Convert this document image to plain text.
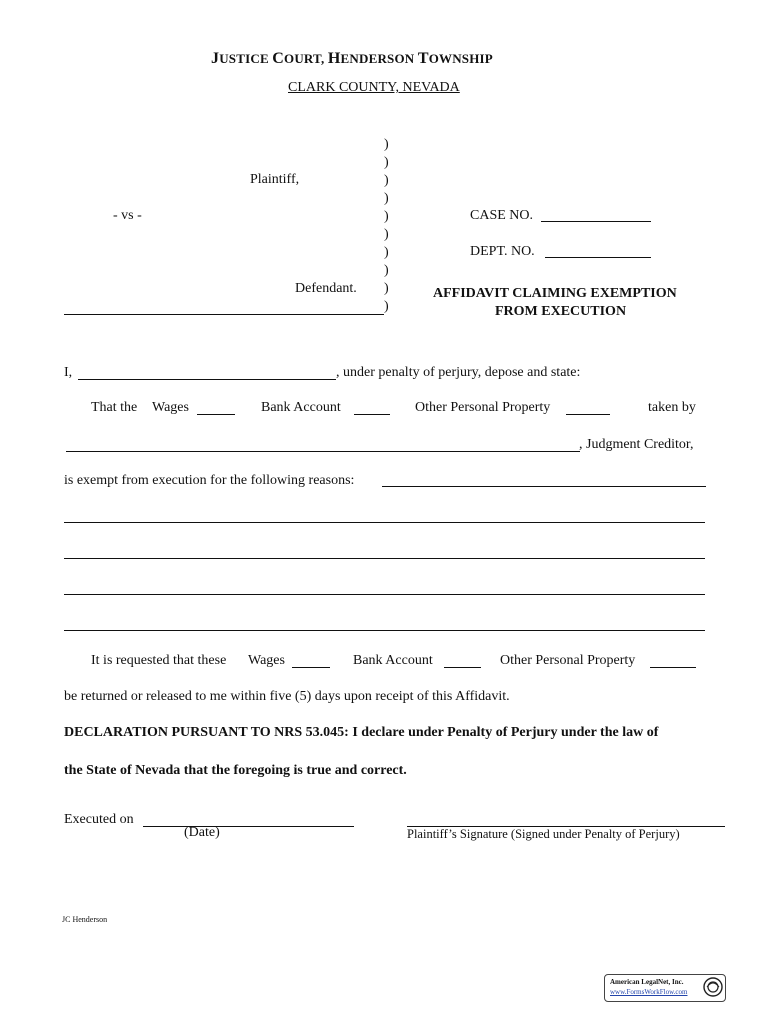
JUSTICE COURT, HENDERSON TOWNSHIP
CLARK COUNTY, NEVADA
)
)
)
)
)
)
)
)
)
)
Plaintiff,
- vs -
Defendant.
CASE NO.
DEPT. NO.
AFFIDAVIT CLAIMING EXEMPTION
FROM EXECUTION
I,	, under penalty of perjury, depose and state:
That the Wages	Bank Account	Other Personal Property	taken by
, Judgment Creditor,
is exempt from execution for the following reasons:
It is requested that these Wages	Bank Account	Other Personal Property
be returned or released to me within five (5) days upon receipt of this Affidavit.
DECLARATION PURSUANT TO NRS 53.045: I declare under Penalty of Perjury under the law of
the State of Nevada that the foregoing is true and correct.
Executed on
(Date)	Plaintiff’s Signature (Signed under Penalty of Perjury)
JC Henderson
American LegalNet, Inc.
www.FormsWorkFlow.com
